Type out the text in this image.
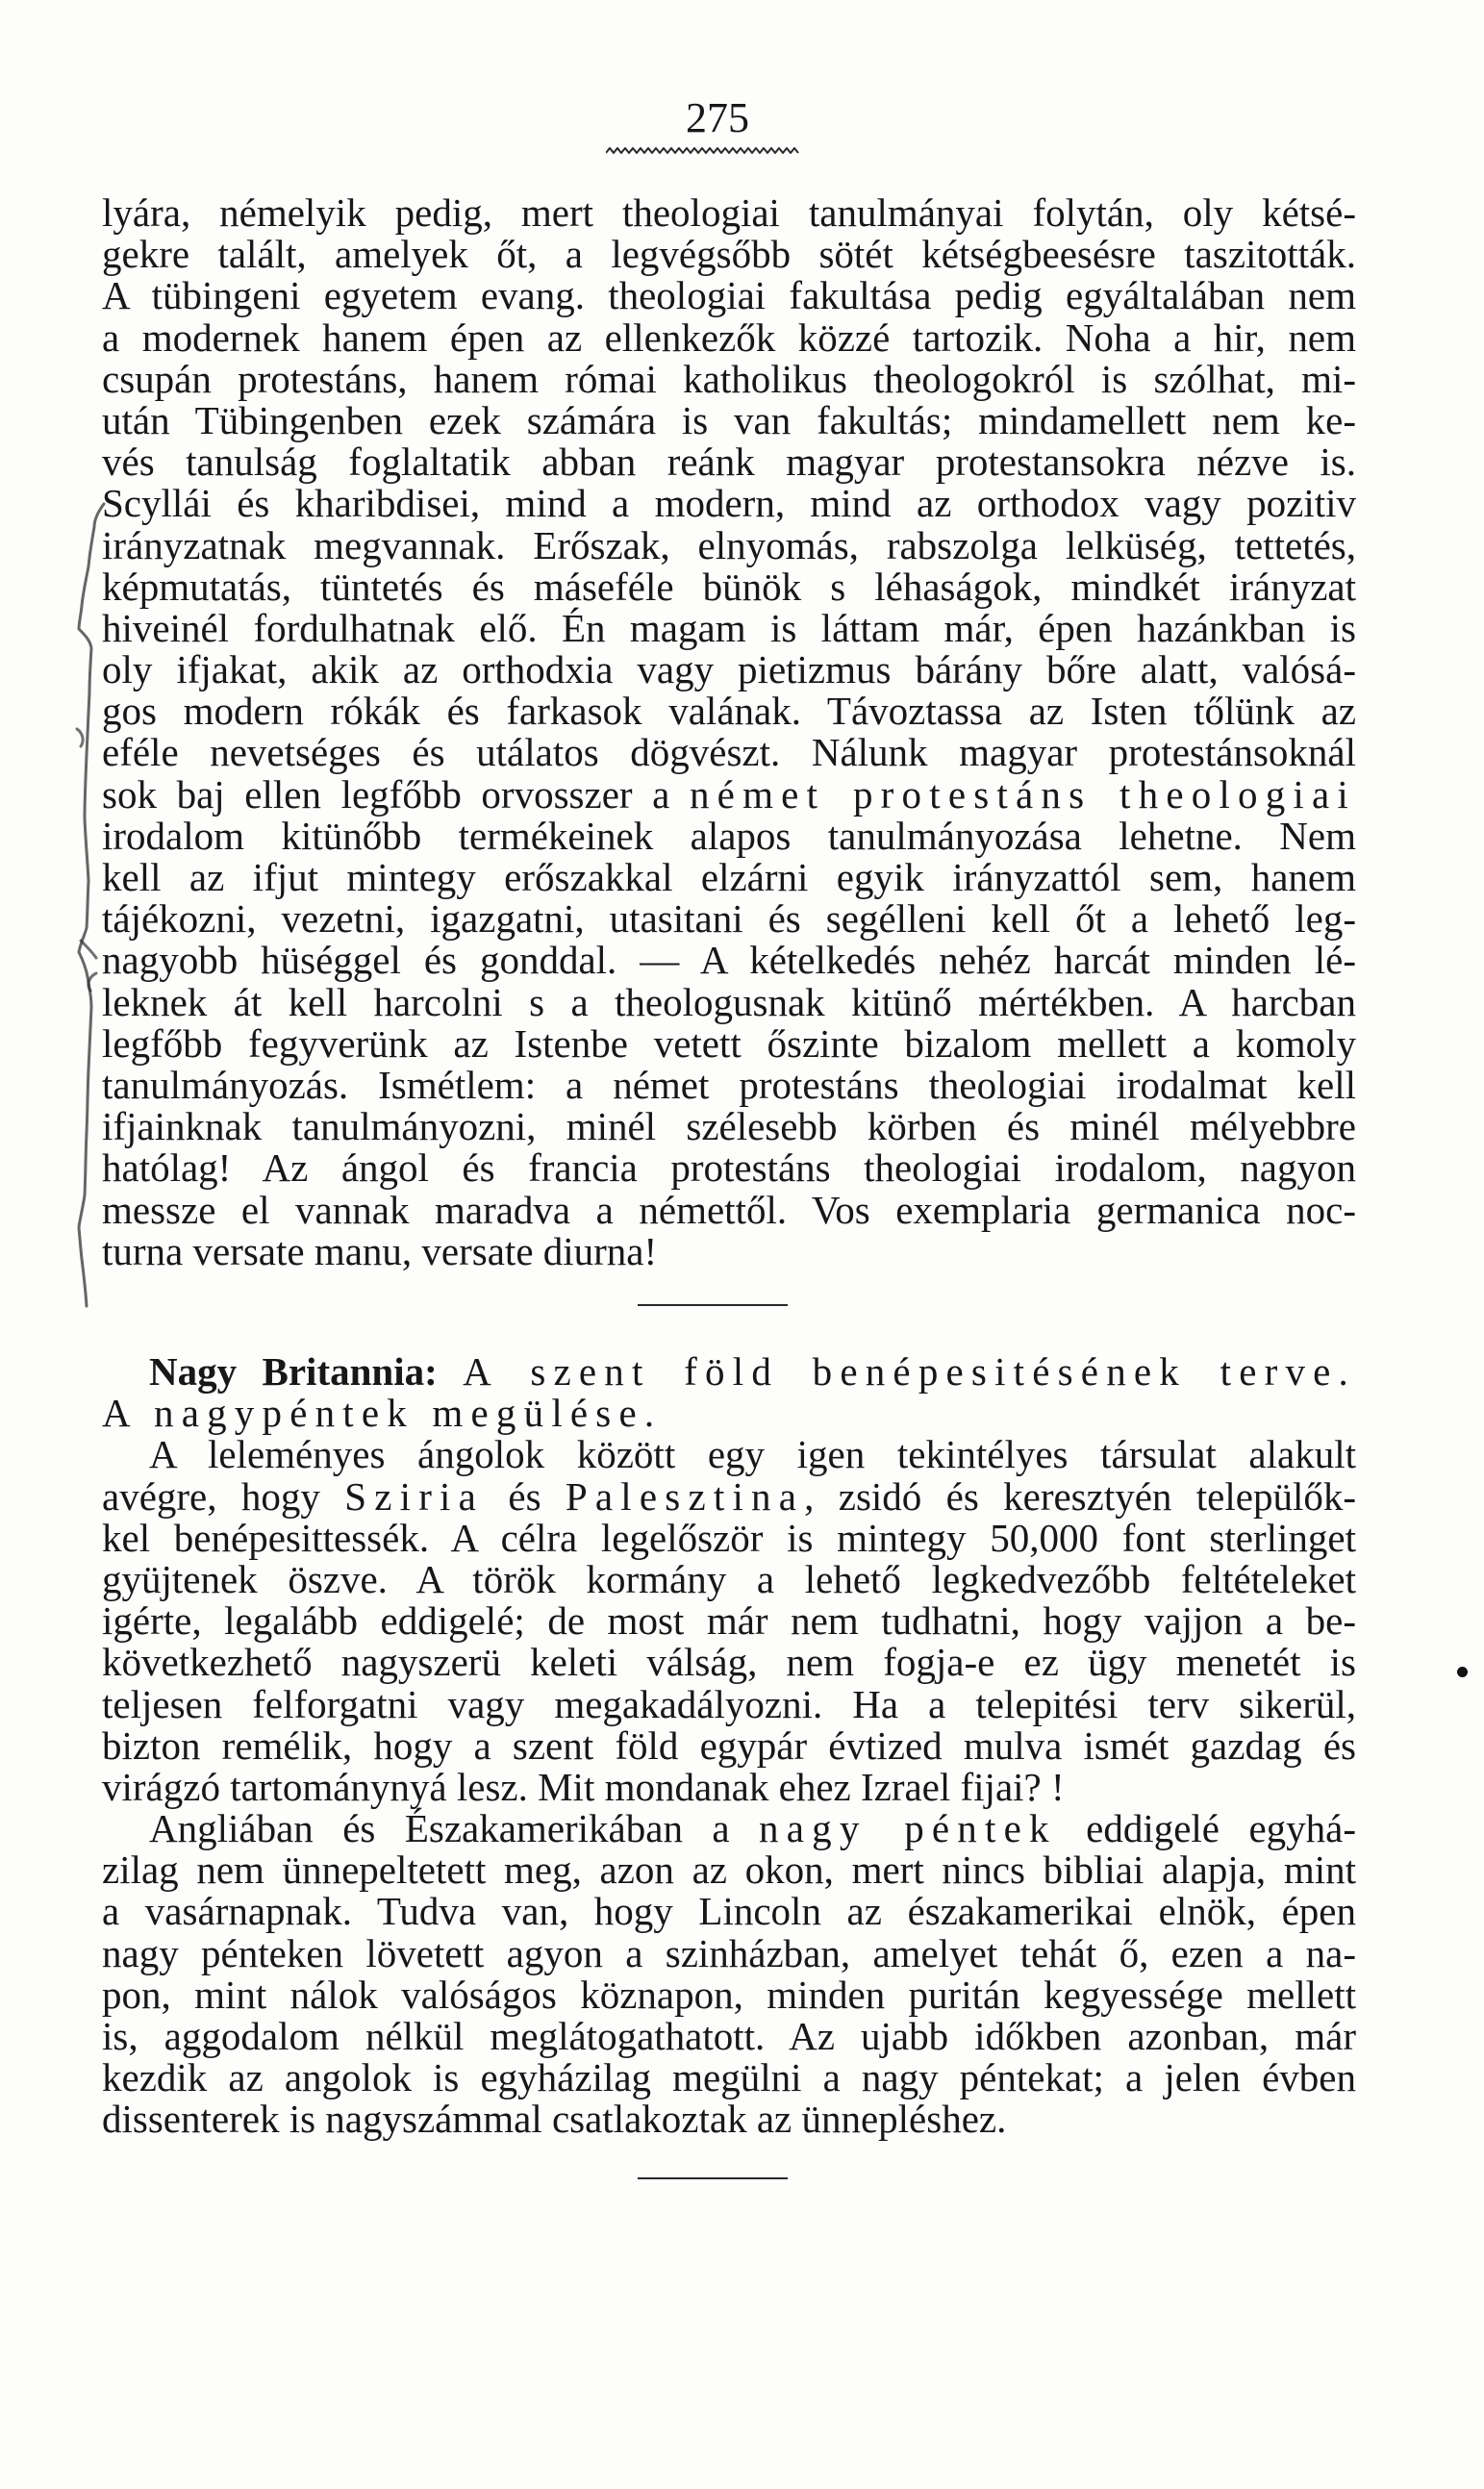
275
lyára, némelyik pedig, mert theologiai tanulmányai folytán, oly kétsé-
gekre talált, amelyek őt, a legvégsőbb sötét kétségbeesésre taszitották.
A tübingeni egyetem evang. theologiai fakultása pedig egyáltalában nem
a modernek hanem épen az ellenkezők közzé tartozik. Noha a hir, nem
csupán protestáns, hanem római katholikus theologokról is szólhat, mi-
után Tübingenben ezek számára is van fakultás; mindamellett nem ke-
vés tanulság foglaltatik abban reánk magyar protestansokra nézve is.
Scyllái és kharibdisei, mind a modern, mind az orthodox vagy pozitiv
irányzatnak megvannak. Erőszak, elnyomás, rabszolga lelküség, tettetés,
képmutatás, tüntetés és máseféle bünök s léhaságok, mindkét irányzat
hiveinél fordulhatnak elő. Én magam is láttam már, épen hazánkban is
oly ifjakat, akik az orthodxia vagy pietizmus bárány bőre alatt, valósá-
gos modern rókák és farkasok valának. Távoztassa az Isten tőlünk az
eféle nevetséges és utálatos dögvészt. Nálunk magyar protestánsoknál
sok baj ellen legfőbb orvosszer a német protestáns theologiai
irodalom kitünőbb termékeinek alapos tanulmányozása lehetne. Nem
kell az ifjut mintegy erőszakkal elzárni egyik irányzattól sem, hanem
tájékozni, vezetni, igazgatni, utasitani és segélleni kell őt a lehető leg-
nagyobb hüséggel és gonddal. — A kételkedés nehéz harcát minden lé-
leknek át kell harcolni s a theologusnak kitünő mértékben. A harcban
legfőbb fegyverünk az Istenbe vetett őszinte bizalom mellett a komoly
tanulmányozás. Ismétlem: a német protestáns theologiai irodalmat kell
ifjainknak tanulmányozni, minél szélesebb körben és minél mélyebbre
hatólag! Az ángol és francia protestáns theologiai irodalom, nagyon
messze el vannak maradva a némettől. Vos exemplaria germanica noc-
turna versate manu, versate diurna!
Nagy Britannia: A szent föld benépesitésének terve.
A nagypéntek megülése.
A leleményes ángolok között egy igen tekintélyes társulat alakult
avégre, hogy Sziria és Palesztina, zsidó és keresztyén települők-
kel benépesittessék. A célra legelőször is mintegy 50,000 font sterlinget
gyüjtenek öszve. A török kormány a lehető legkedvezőbb feltételeket
igérte, legalább eddigelé; de most már nem tudhatni, hogy vajjon a be-
következhető nagyszerü keleti válság, nem fogja-e ez ügy menetét is
teljesen felforgatni vagy megakadályozni. Ha a telepitési terv sikerül,
bizton remélik, hogy a szent föld egypár évtized mulva ismét gazdag és
virágzó tartománynyá lesz. Mit mondanak ehez Izrael fijai? !
Angliában és Északamerikában a nagy péntek eddigelé egyhá-
zilag nem ünnepeltetett meg, azon az okon, mert nincs bibliai alapja, mint
a vasárnapnak. Tudva van, hogy Lincoln az északamerikai elnök, épen
nagy pénteken lövetett agyon a szinházban, amelyet tehát ő, ezen a na-
pon, mint nálok valóságos köznapon, minden puritán kegyessége mellett
is, aggodalom nélkül meglátogathatott. Az ujabb időkben azonban, már
kezdik az angolok is egyházilag megülni a nagy péntekat; a jelen évben
dissenterek is nagyszámmal csatlakoztak az ünnepléshez.
